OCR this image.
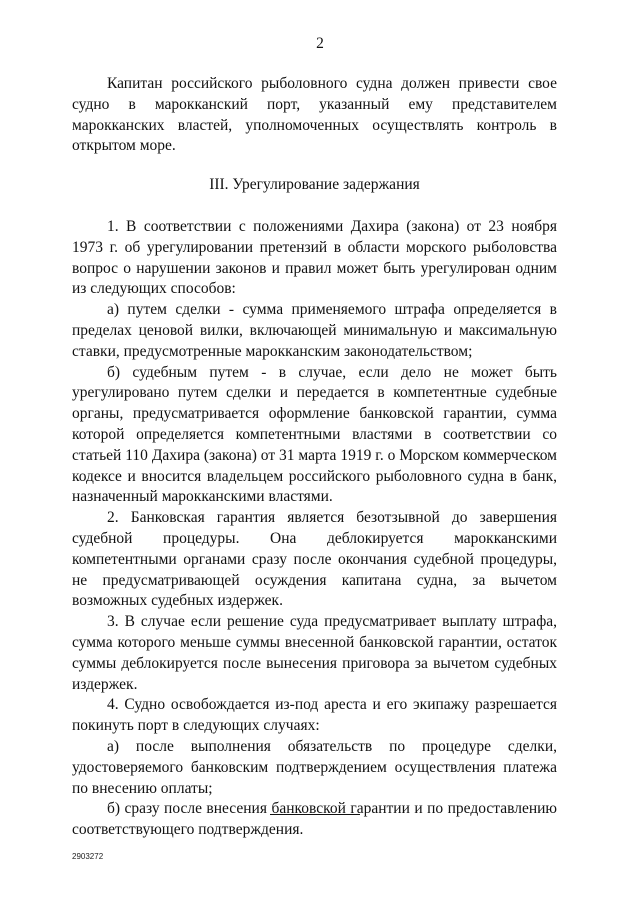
2

Капитан российского рыболовного судна должен привести свое судно в марокканский порт, указанный ему представителем марокканских властей, уполномоченных осуществлять контроль в открытом море.

III. Урегулирование задержания

1. В соответствии с положениями Дахира (закона) от 23 ноября 1973 г. об урегулировании претензий в области морского рыболовства вопрос о нарушении законов и правил может быть урегулирован одним из следующих способов:

а) путем сделки - сумма применяемого штрафа определяется в пределах ценовой вилки, включающей минимальную и максимальную ставки, предусмотренные марокканским законодательством;

б) судебным путем - в случае, если дело не может быть урегулировано путем сделки и передается в компетентные судебные органы, предусматривается оформление банковской гарантии, сумма которой определяется компетентными властями в соответствии со статьей 110 Дахира (закона) от 31 марта 1919 г. о Морском коммерческом кодексе и вносится владельцем российского рыболовного судна в банк, назначенный марокканскими властями.

2. Банковская гарантия является безотзывной до завершения судебной процедуры. Она деблокируется марокканскими компетентными органами сразу после окончания судебной процедуры, не предусматривающей осуждения капитана судна, за вычетом возможных судебных издержек.

3. В случае если решение суда предусматривает выплату штрафа, сумма которого меньше суммы внесенной банковской гарантии, остаток суммы деблокируется после вынесения приговора за вычетом судебных издержек.

4. Судно освобождается из-под ареста и его экипажу разрешается покинуть порт в следующих случаях:

а) после выполнения обязательств по процедуре сделки, удостоверяемого банковским подтверждением осуществления платежа по внесению оплаты;

б) сразу после внесения банковской гарантии и по предоставлению соответствующего подтверждения.

2903272
